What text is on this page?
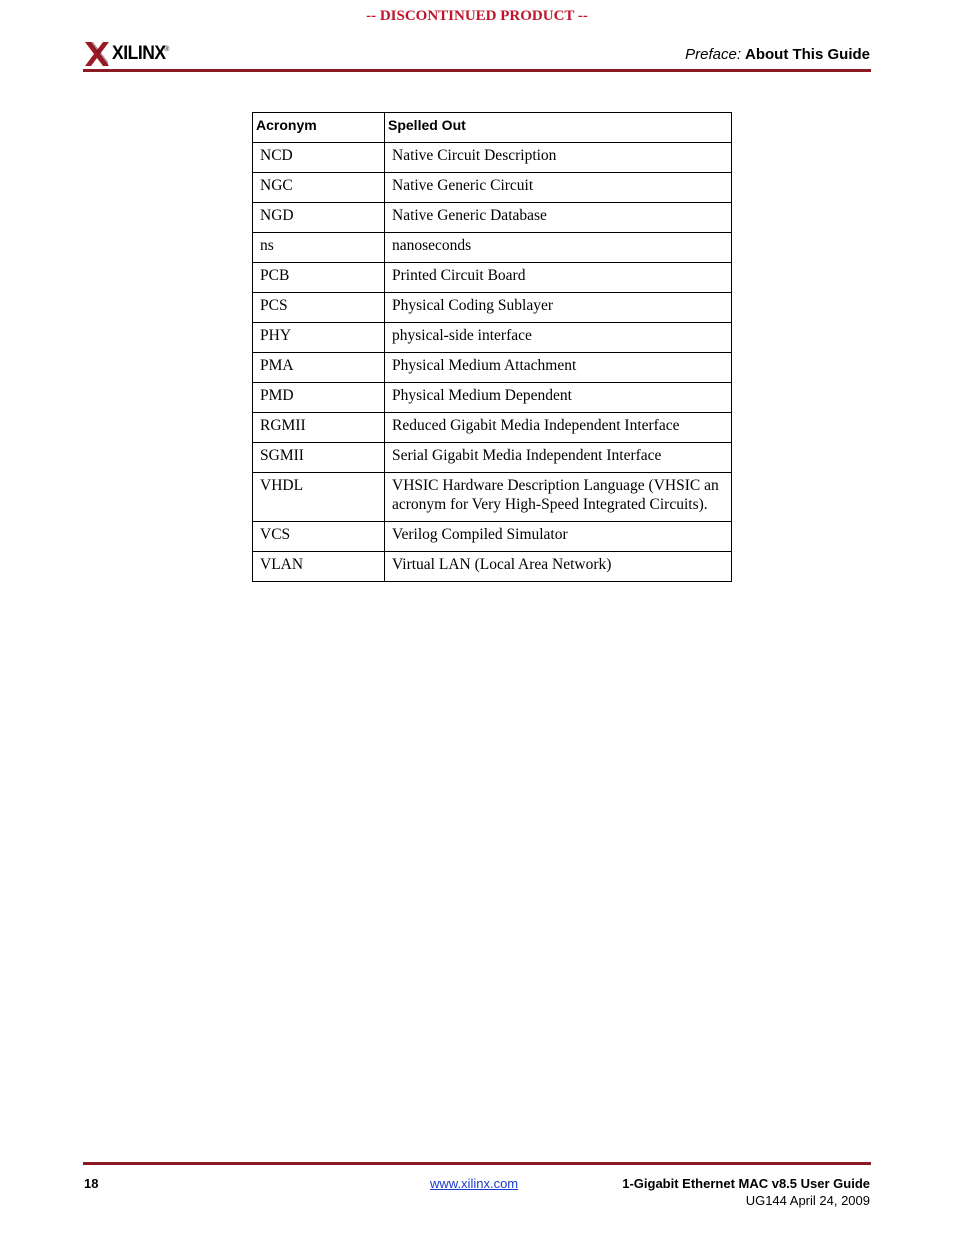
-- DISCONTINUED PRODUCT --
XILINX
®	Preface: About This Guide
Acronym	Spelled Out
NCD	Native Circuit Description
NGC	Native Generic Circuit
NGD	Native Generic Database
ns	nanoseconds
PCB	Printed Circuit Board
PCS	Physical Coding Sublayer
PHY	physical-side interface
PMA	Physical Medium Attachment
PMD	Physical Medium Dependent
RGMII	Reduced Gigabit Media Independent Interface
SGMII	Serial Gigabit Media Independent Interface
VHDL	VHSIC Hardware Description Language (VHSIC an acronym for Very High-Speed Integrated Circuits).
VCS	Verilog Compiled Simulator
VLAN	Virtual LAN (Local Area Network)
18	www.xilinx.com	1-Gigabit Ethernet MAC v8.5 User Guide
UG144 April 24, 2009
